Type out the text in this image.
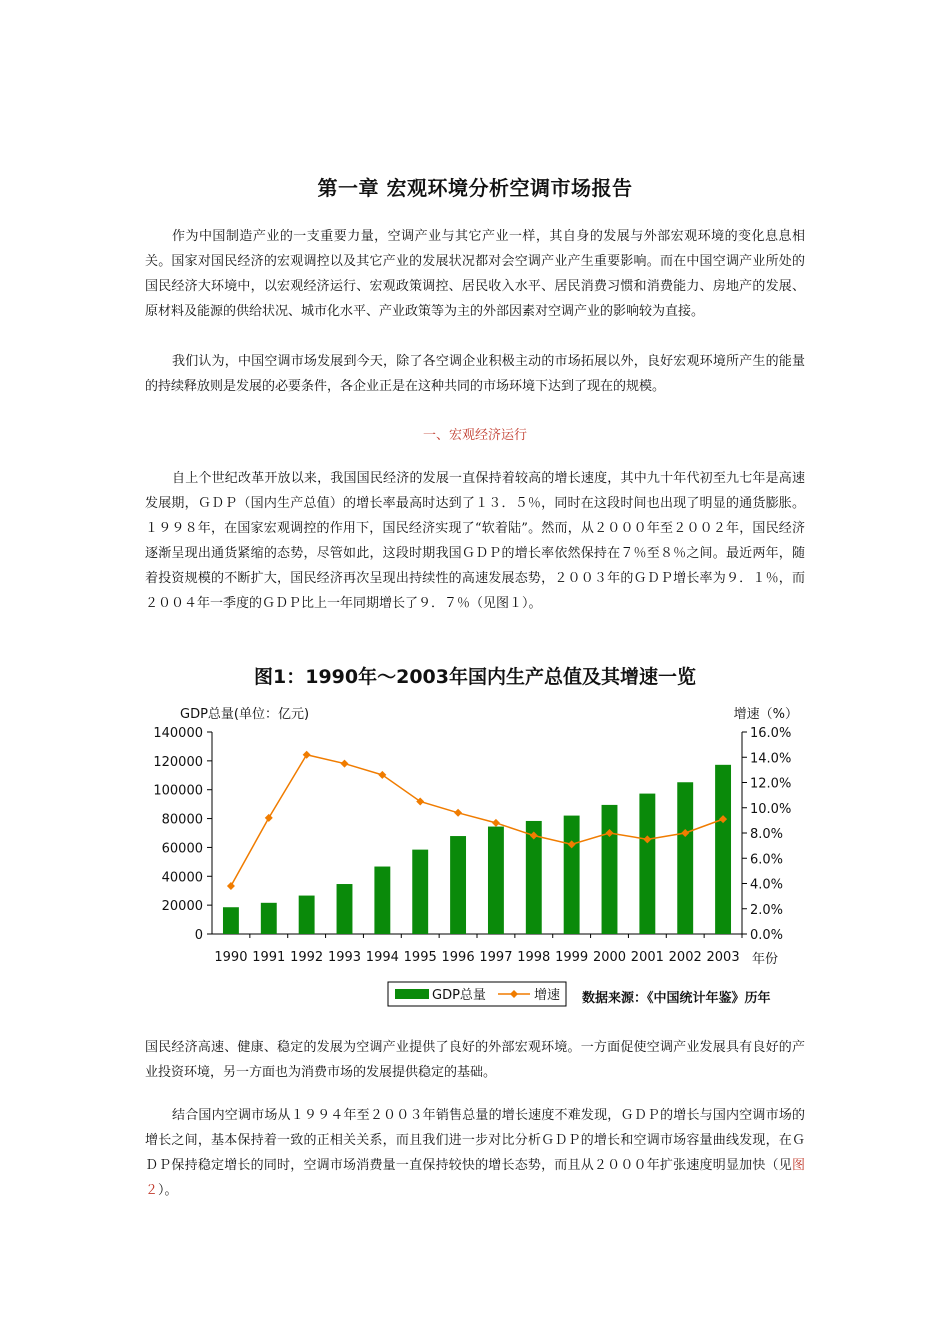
第一章 宏观环境分析空调市场报告
作为中国制造产业的一支重要力量，空调产业与其它产业一样，其自身的发展与外部宏观环境的变化息息相关。国家对国民经济的宏观调控以及其它产业的发展状况都对会空调产业产生重要影响。而在中国空调产业所处的国民经济大环境中，以宏观经济运行、宏观政策调控、居民收入水平、居民消费习惯和消费能力、房地产的发展、原材料及能源的供给状况、城市化水平、产业政策等为主的外部因素对空调产业的影响较为直接。
我们认为，中国空调市场发展到今天，除了各空调企业积极主动的市场拓展以外，良好宏观环境所产生的能量的持续释放则是发展的必要条件，各企业正是在这种共同的市场环境下达到了现在的规模。
一、宏观经济运行
自上个世纪改革开放以来，我国国民经济的发展一直保持着较高的增长速度，其中九十年代初至九七年是高速发展期，ＧＤＰ（国内生产总值）的增长率最高时达到了１３．５％，同时在这段时间也出现了明显的通货膨胀。１９９８年，在国家宏观调控的作用下，国民经济实现了“软着陆”。然而，从２０００年至２００２年，国民经济逐渐呈现出通货紧缩的态势，尽管如此，这段时期我国ＧＤＰ的增长率依然保持在７％至８％之间。最近两年，随着投资规模的不断扩大，国民经济再次呈现出持续性的高速发展态势，２００３年的ＧＤＰ增长率为９．１％，而２００４年一季度的ＧＤＰ比上一年同期增长了９．７％（见图１）。
图1：1990年～2003年国内生产总值及其增速一览
GDP总量(单位：亿元)	增速（%）
0
20000
40000
60000
80000
100000
120000
140000
0.0%
2.0%
4.0%
6.0%
8.0%
10.0%
12.0%
14.0%
16.0%
1990 1991 1992 1993 1994 1995 1996 1997 1998 1999 2000 2001 2002 2003 年份
GDP总量	增速 数据来源：《中国统计年鉴》历年
国民经济高速、健康、稳定的发展为空调产业提供了良好的外部宏观环境。一方面促使空调产业发展具有良好的产业投资环境，另一方面也为消费市场的发展提供稳定的基础。
结合国内空调市场从１９９４年至２００３年销售总量的增长速度不难发现，ＧＤＰ的增长与国内空调市场的增长之间，基本保持着一致的正相关关系，而且我们进一步对比分析ＧＤＰ的增长和空调市场容量曲线发现，在ＧＤＰ保持稳定增长的同时，空调市场消费量一直保持较快的增长态势，而且从２０００年扩张速度明显加快（见图２）。
